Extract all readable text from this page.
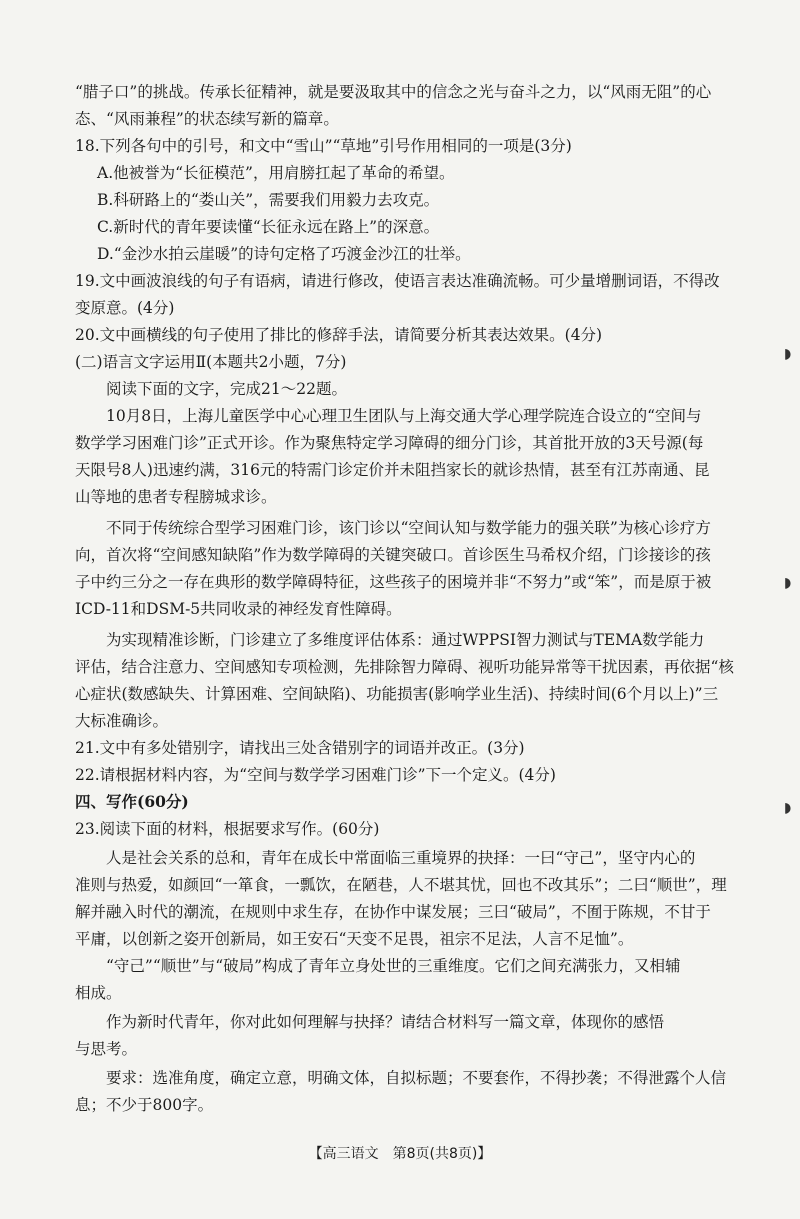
“腊子口”的挑战。传承长征精神，就是要汲取其中的信念之光与奋斗之力，以“风雨无阻”的心
态、“风雨兼程”的状态续写新的篇章。
18.下列各句中的引号，和文中“雪山”“草地”引号作用相同的一项是(3分)
A.他被誉为“长征模范”，用肩膀扛起了革命的希望。
B.科研路上的“娄山关”，需要我们用毅力去攻克。
C.新时代的青年要读懂“长征永远在路上”的深意。
D.“金沙水拍云崖暖”的诗句定格了巧渡金沙江的壮举。
19.文中画波浪线的句子有语病，请进行修改，使语言表达准确流畅。可少量增删词语，不得改
变原意。(4分)
20.文中画横线的句子使用了排比的修辞手法，请简要分析其表达效果。(4分)
(二)语言文字运用Ⅱ(本题共2小题，7分)
阅读下面的文字，完成21～22题。
10月8日，上海儿童医学中心心理卫生团队与上海交通大学心理学院连合设立的“空间与
数学学习困难门诊”正式开诊。作为聚焦特定学习障碍的细分门诊，其首批开放的3天号源(每
天限号8人)迅速约满，316元的特需门诊定价并未阻挡家长的就诊热情，甚至有江苏南通、昆
山等地的患者专程膀城求诊。
不同于传统综合型学习困难门诊，该门诊以“空间认知与数学能力的强关联”为核心诊疗方
向，首次将“空间感知缺陷”作为数学障碍的关键突破口。首诊医生马希权介绍，门诊接诊的孩
子中约三分之一存在典形的数学障碍特征，这些孩子的困境并非“不努力”或“笨”，而是原于被
ICD-11和DSM-5共同收录的神经发育性障碍。
为实现精准诊断，门诊建立了多维度评估体系：通过WPPSI智力测试与TEMA数学能力
评估，结合注意力、空间感知专项检测，先排除智力障碍、视听功能异常等干扰因素，再依据“核
心症状(数感缺失、计算困难、空间缺陷)、功能损害(影响学业生活)、持续时间(6个月以上)”三
大标准确诊。
21.文中有多处错别字，请找出三处含错别字的词语并改正。(3分)
22.请根据材料内容，为“空间与数学学习困难门诊”下一个定义。(4分)
四、写作(60分)
23.阅读下面的材料，根据要求写作。(60分)
人是社会关系的总和，青年在成长中常面临三重境界的抉择：一曰“守己”，坚守内心的
准则与热爱，如颜回“一箪食，一瓢饮，在陋巷，人不堪其忧，回也不改其乐”；二曰“顺世”，理
解并融入时代的潮流，在规则中求生存，在协作中谋发展；三曰“破局”，不囿于陈规，不甘于
平庸，以创新之姿开创新局，如王安石“天变不足畏，祖宗不足法，人言不足恤”。
“守己”“顺世”与“破局”构成了青年立身处世的三重维度。它们之间充满张力，又相辅
相成。
作为新时代青年，你对此如何理解与抉择？请结合材料写一篇文章，体现你的感悟
与思考。
要求：选准角度，确定立意，明确文体，自拟标题；不要套作，不得抄袭；不得泄露个人信
息；不少于800字。
【高三语文　第8页(共8页)】
◗
◗
◗
